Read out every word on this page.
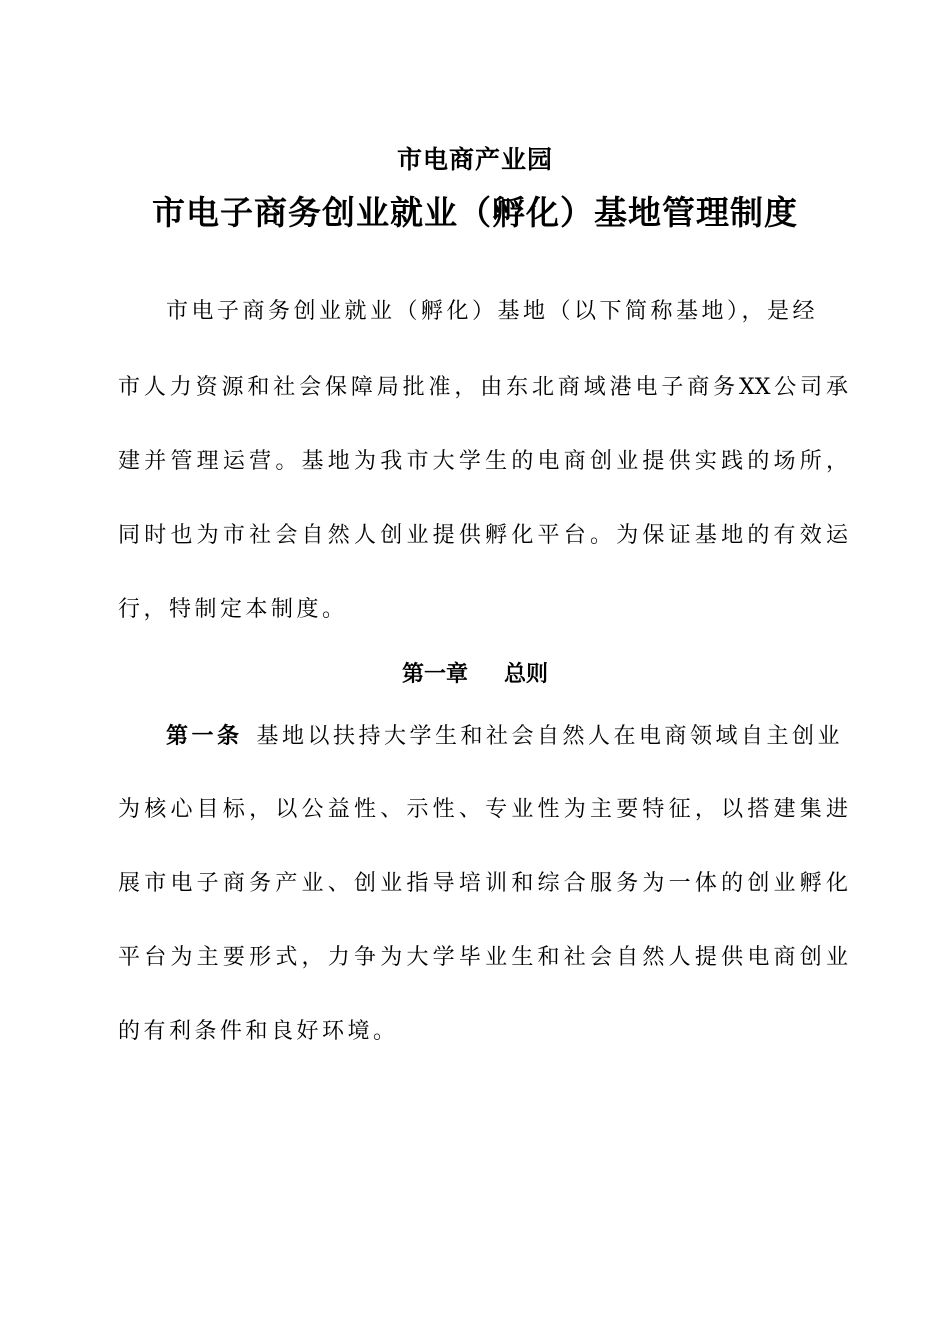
市电商产业园
市电子商务创业就业（孵化）基地管理制度
市电子商务创业就业（孵化）基地（以下简称基地），是经
市人力资源和社会保障局批准，由东北商域港电子商务XX公司承
建并管理运营。基地为我市大学生的电商创业提供实践的场所，
同时也为市社会自然人创业提供孵化平台。为保证基地的有效运
行，特制定本制度。
第一章 总则
第一条 基地以扶持大学生和社会自然人在电商领域自主创业
为核心目标，以公益性、示性、专业性为主要特征，以搭建集进
展市电子商务产业、创业指导培训和综合服务为一体的创业孵化
平台为主要形式，力争为大学毕业生和社会自然人提供电商创业
的有利条件和良好环境。
